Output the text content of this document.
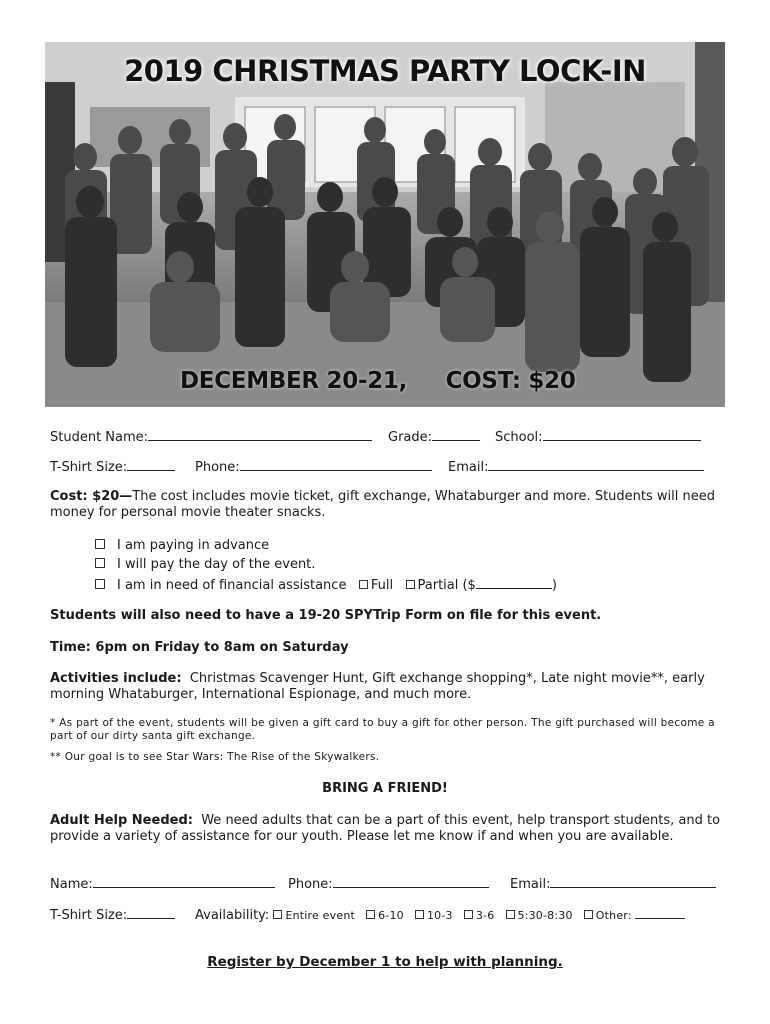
2019 CHRISTMAS PARTY LOCK-IN
DECEMBER 20-21, COST: $20
Student Name:	Grade:	School:
T-Shirt Size:	Phone:	Email:
Cost: $20—The cost includes movie ticket, gift exchange, Whataburger and more. Students will need money for personal movie theater snacks.
I am paying in advance
I will pay the day of the event.
I am in need of financial assistance Full Partial ($	)
Students will also need to have a 19-20 SPYTrip Form on file for this event.
Time: 6pm on Friday to 8am on Saturday
Activities include: Christmas Scavenger Hunt, Gift exchange shopping*, Late night movie**, early morning Whataburger, International Espionage, and much more.
* As part of the event, students will be given a gift card to buy a gift for other person. The gift purchased will become a part of our dirty santa gift exchange.
** Our goal is to see Star Wars: The Rise of the Skywalkers.
BRING A FRIEND!
Adult Help Needed: We need adults that can be a part of this event, help transport students, and to provide a variety of assistance for our youth. Please let me know if and when you are available.
Name:	Phone:	Email:
T-Shirt Size:	Availability: Entire event 6-10 10-3 3-6 5:30-8:30 Other:
Register by December 1 to help with planning.
